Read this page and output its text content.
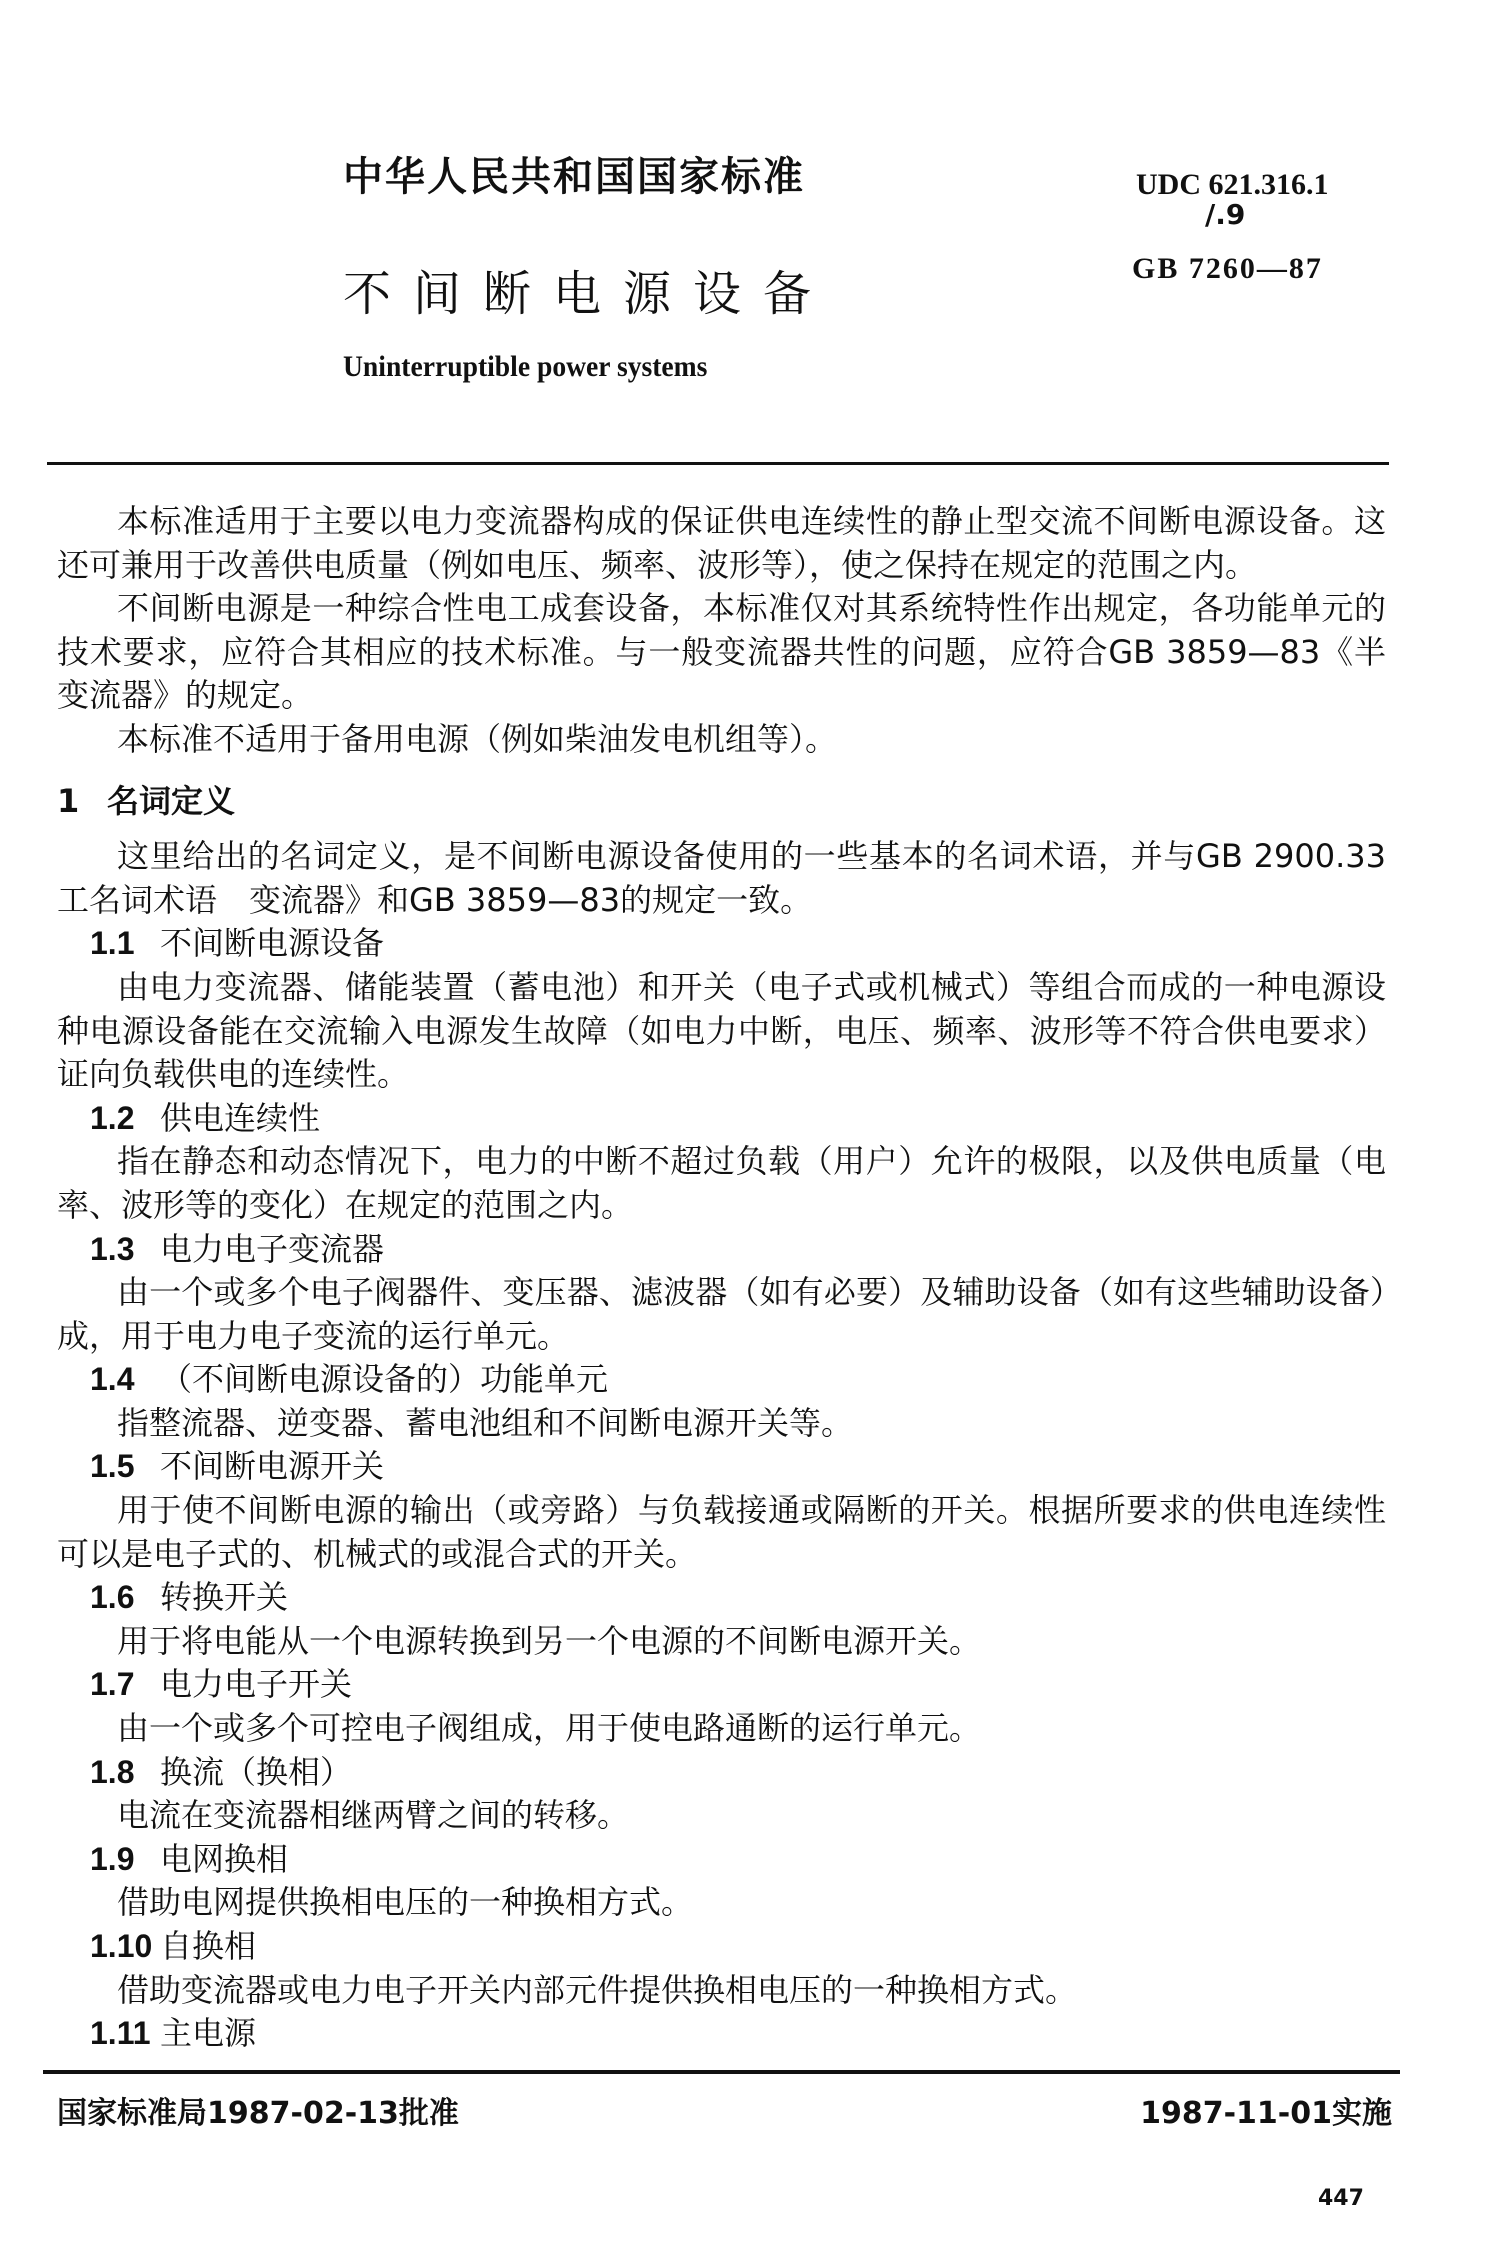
中华人民共和国国家标准
不间断电源设备
Uninterruptible power systems
UDC 621.316.1
/.9
GB 7260—87
本标准适用于主要以电力变流器构成的保证供电连续性的静止型交流不间断电源设备。这
还可兼用于改善供电质量（例如电压、频率、波形等），使之保持在规定的范围之内。
不间断电源是一种综合性电工成套设备，本标准仅对其系统特性作出规定，各功能单元的
技术要求，应符合其相应的技术标准。与一般变流器共性的问题，应符合GB 3859—83《半
变流器》的规定。
本标准不适用于备用电源（例如柴油发电机组等）。
1 名词定义
这里给出的名词定义，是不间断电源设备使用的一些基本的名词术语，并与GB 2900.33
工名词术语　变流器》和GB 3859—83的规定一致。
1.1 不间断电源设备
由电力变流器、储能装置（蓄电池）和开关（电子式或机械式）等组合而成的一种电源设
种电源设备能在交流输入电源发生故障（如电力中断，电压、频率、波形等不符合供电要求）
证向负载供电的连续性。
1.2 供电连续性
指在静态和动态情况下，电力的中断不超过负载（用户）允许的极限，以及供电质量（电
率、波形等的变化）在规定的范围之内。
1.3 电力电子变流器
由一个或多个电子阀器件、变压器、滤波器（如有必要）及辅助设备（如有这些辅助设备）
成，用于电力电子变流的运行单元。
1.4 （不间断电源设备的）功能单元
指整流器、逆变器、蓄电池组和不间断电源开关等。
1.5 不间断电源开关
用于使不间断电源的输出（或旁路）与负载接通或隔断的开关。根据所要求的供电连续性
可以是电子式的、机械式的或混合式的开关。
1.6 转换开关
用于将电能从一个电源转换到另一个电源的不间断电源开关。
1.7 电力电子开关
由一个或多个可控电子阀组成，用于使电路通断的运行单元。
1.8 换流（换相）
电流在变流器相继两臂之间的转移。
1.9 电网换相
借助电网提供换相电压的一种换相方式。
1.10 自换相
借助变流器或电力电子开关内部元件提供换相电压的一种换相方式。
1.11 主电源
国家标准局1987-02-13批准	1987-11-01实施
447
